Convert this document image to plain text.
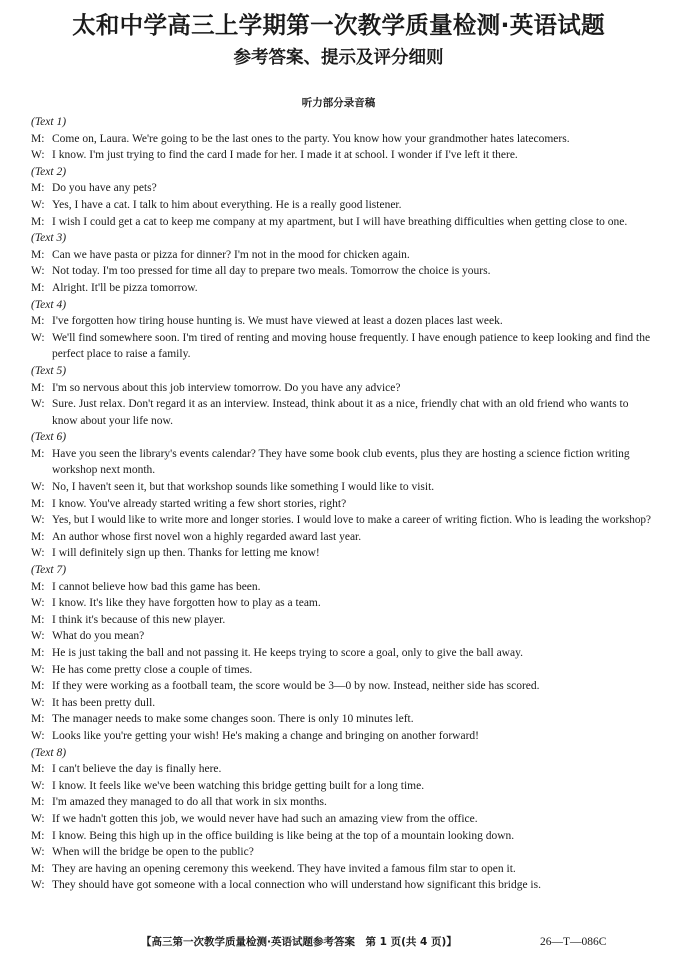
太和中学高三上学期第一次教学质量检测·英语试题
参考答案、提示及评分细则
听力部分录音稿
(Text 1)
M: Come on, Laura. We're going to be the last ones to the party. You know how your grandmother hates latecomers.
W: I know. I'm just trying to find the card I made for her. I made it at school. I wonder if I've left it there.
(Text 2)
M: Do you have any pets?
W: Yes, I have a cat. I talk to him about everything. He is a really good listener.
M: I wish I could get a cat to keep me company at my apartment, but I will have breathing difficulties when getting close to one.
(Text 3)
M: Can we have pasta or pizza for dinner? I'm not in the mood for chicken again.
W: Not today. I'm too pressed for time all day to prepare two meals. Tomorrow the choice is yours.
M: Alright. It'll be pizza tomorrow.
(Text 4)
M: I've forgotten how tiring house hunting is. We must have viewed at least a dozen places last week.
W: We'll find somewhere soon. I'm tired of renting and moving house frequently. I have enough patience to keep looking and find the perfect place to raise a family.
(Text 5)
M: I'm so nervous about this job interview tomorrow. Do you have any advice?
W: Sure. Just relax. Don't regard it as an interview. Instead, think about it as a nice, friendly chat with an old friend who wants to know about your life now.
(Text 6)
M: Have you seen the library's events calendar? They have some book club events, plus they are hosting a science fiction writing workshop next month.
W: No, I haven't seen it, but that workshop sounds like something I would like to visit.
M: I know. You've already started writing a few short stories, right?
W: Yes, but I would like to write more and longer stories. I would love to make a career of writing fiction. Who is leading the workshop?
M: An author whose first novel won a highly regarded award last year.
W: I will definitely sign up then. Thanks for letting me know!
(Text 7)
M: I cannot believe how bad this game has been.
W: I know. It's like they have forgotten how to play as a team.
M: I think it's because of this new player.
W: What do you mean?
M: He is just taking the ball and not passing it. He keeps trying to score a goal, only to give the ball away.
W: He has come pretty close a couple of times.
M: If they were working as a football team, the score would be 3—0 by now. Instead, neither side has scored.
W: It has been pretty dull.
M: The manager needs to make some changes soon. There is only 10 minutes left.
W: Looks like you're getting your wish! He's making a change and bringing on another forward!
(Text 8)
M: I can't believe the day is finally here.
W: I know. It feels like we've been watching this bridge getting built for a long time.
M: I'm amazed they managed to do all that work in six months.
W: If we hadn't gotten this job, we would never have had such an amazing view from the office.
M: I know. Being this high up in the office building is like being at the top of a mountain looking down.
W: When will the bridge be open to the public?
M: They are having an opening ceremony this weekend. They have invited a famous film star to open it.
W: They should have got someone with a local connection who will understand how significant this bridge is.
【高三第一次教学质量检测·英语试题参考答案　第 1 页(共 4 页)】	26—T—086C
